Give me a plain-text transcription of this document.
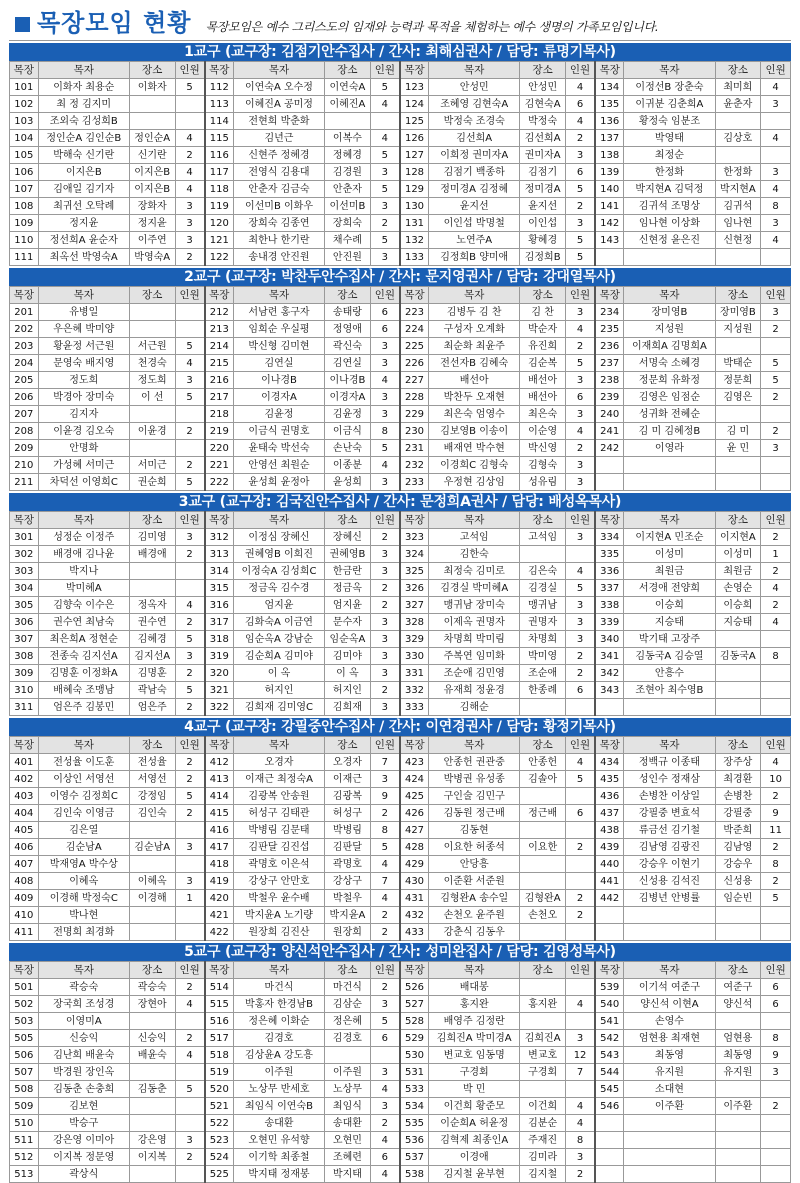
목장모임 현황 목장모임은 예수 그리스도의 임재와 능력과 목적을 체험하는 예수 생명의 가족모임입니다.
1교구 (교구장: 김점기안수집사 / 간사: 최해심권사 / 담당: 류명기목사)
목장	목자	장소	인원	목장	목자	장소	인원	목장	목자	장소	인원	목장	목자	장소	인원
101	이화자 최용순	이화자	5	112	이연숙A 오수정	이연숙A	5	123	안성민	안성민	4	134	이정선B 장춘숙	최미희	4
102	최 정 김지미			113	이혜진A 공미정	이혜진A	4	124	조혜영 김현숙A	김현숙A	6	135	이귀분 김춘희A	윤춘자	3
103	조외숙 김성희B			114	전현희 박춘화			125	박정숙 조경숙	박정숙	4	136	황정숙 임분조		
104	정인순A 김인순B	정인순A	4	115	김년근	이복수	4	126	김선희A	김선희A	2	137	박영태	김상호	4
105	박해숙 신기란	신기란	2	116	신현주 정혜경	정혜경	5	127	이희정 권미자A	권미자A	3	138	최정순		
106	이지은B	이지은B	4	117	전영식 김용대	김경원	3	128	김점기 백종하	김점기	6	139	한정화	한정화	3
107	김애일 김기자	이지은B	4	118	안춘자 김금숙	안춘자	5	129	정미경A 김정혜	정미경A	5	140	박지현A 김덕정	박지현A	4
108	최귀선 오탁례	장화자	3	119	이선미B 이화우	이선미B	3	130	윤지선	윤지선	2	141	김귀석 조명상	김귀석	8
109	정지윤	정지윤	3	120	장희숙 김종연	장희숙	2	131	이인섭 박명철	이인섭	3	142	임나현 이상화	임나현	3
110	정선희A 윤순자	이주연	3	121	최한나 한기란	채수례	5	132	노연주A	황혜경	5	143	신현정 윤은진	신현정	4
111	최옥선 박영숙A	박영숙A	2	122	송내경 안진원	안진원	3	133	김정희B 양미애	김정희B	5				
2교구 (교구장: 박찬두안수집사 / 간사: 문지영권사 / 담당: 강대열목사)
목장	목자	장소	인원	목장	목자	장소	인원	목장	목자	장소	인원	목장	목자	장소	인원
201	유병일			212	서남련 홍구자	송태랑	6	223	김병두 김 찬	김 찬	3	234	장미영B	장미영B	3
202	우은혜 박미양			213	임희순 우실평	정영애	6	224	구성자 오계화	박순자	4	235	지성원	지성원	2
203	황윤정 서근원	서근원	5	214	박신형 김미현	곽신숙	3	225	최순화 최윤주	유진희	2	236	이재희A 김명희A		
204	문영숙 배지영	천경숙	4	215	김연실	김연실	3	226	전선자B 김혜숙	김순복	5	237	서명숙 소혜경	박태순	5
205	정도희	정도희	3	216	이나경B	이나경B	4	227	배선아	배선아	3	238	정문희 유화정	정문희	5
206	박경아 장미숙	이 선	5	217	이경자A	이경자A	3	228	박찬두 오재현	배선아	6	239	김영은 임점순	김영은	2
207	김지자			218	김윤정	김윤정	3	229	최은숙 엄영수	최은숙	3	240	성귀화 전혜순		
208	이윤경 김오숙	이윤경	2	219	이금식 권명호	이금식	8	230	김보영B 이송이	이순영	4	241	김 미 김혜정B	김 미	2
209	안명화			220	윤태숙 박선숙	손난숙	5	231	배재연 박수현	박신영	2	242	이영라	윤 민	3
210	가성혜 서미근	서미근	2	221	안영선 최원순	이종분	4	232	이경희C 김형숙	김형숙	3				
211	차덕선 이영희C	권순희	5	222	윤성희 윤정아	윤성희	3	233	우정현 김상임	성유림	3				
3교구 (교구장: 김국진안수집사 / 간사: 문정희A권사 / 담당: 배성옥목사)
목장	목자	장소	인원	목장	목자	장소	인원	목장	목자	장소	인원	목장	목자	장소	인원
301	성정순 이정주	김미영	3	312	이정심 장혜신	장혜신	2	323	고석임	고석임	3	334	이지현A 민조순	이지현A	2
302	배경애 김나윤	배경애	2	313	권혜영B 이희진	권혜영B	3	324	김한숙			335	이성미	이성미	1
303	박지나			314	이정숙A 김성희C	한금란	3	325	최정숙 김미로	김은숙	4	336	최원금	최원금	2
304	박미혜A			315	정금옥 김수경	정금옥	2	326	김경실 박미혜A	김경실	5	337	서경애 전양희	손영순	4
305	김향숙 이수은	정옥자	4	316	엄지윤	엄지윤	2	327	맹귀남 장미숙	맹귀남	3	338	이승희	이승희	2
306	권수연 최남숙	권수연	2	317	김화숙A 이금연	문수자	3	328	이제옥 권명자	권명자	3	339	지승태	지승태	4
307	최은희A 정현순	김혜경	5	318	임순옥A 강남순	임순옥A	3	329	차명희 박미림	차명희	3	340	박기태 고장주		
308	전종숙 김지선A	김지선A	3	319	김순희A 김미야	김미야	3	330	주복연 임미화	박미영	2	341	김동국A 김승열	김동국A	8
309	김명훈 이정화A	김명훈	2	320	이 옥	이 옥	3	331	조순애 김민영	조순애	2	342	안흥수		
310	배혜숙 조맹남	곽남숙	5	321	허지인	허지인	2	332	유재희 정윤경	한종례	6	343	조현아 최수영B		
311	엄은주 김봉민	엄은주	2	322	김희재 김미영C	김희재	3	333	김해순						
4교구 (교구장: 강필중안수집사 / 간사: 이연경권사 / 담당: 황정기목사)
목장	목자	장소	인원	목장	목자	장소	인원	목장	목자	장소	인원	목장	목자	장소	인원
401	전성율 이도훈	전성율	2	412	오경자	오경자	7	423	안종헌 권관중	안종헌	4	434	정백규 이종태	장주상	4
402	이상인 서영선	서영선	2	413	이재근 최정숙A	이재근	3	424	박병권 유성종	김솔아	5	435	성인수 정재삼	최경환	10
403	이영수 김정희C	강정임	5	414	김광복 안송원	김광복	9	425	구인술 김민구			436	손병찬 이상일	손병찬	2
404	김인숙 이영금	김인숙	2	415	허성구 김태관	허성구	2	426	김동원 정근배	정근배	6	437	강필중 변효석	강필중	9
405	김은열			416	박병림 김문태	박병림	8	427	김동현			438	류금선 김기철	박준희	11
406	김순남A	김순남A	3	417	김판달 김진섭	김판달	5	428	이요한 허종석	이요한	2	439	김남영 김광진	김남영	2
407	박재영A 박수상			418	곽명호 이은석	곽명호	4	429	안당흥			440	강승우 이현기	강승우	8
408	이혜옥	이혜옥	3	419	강상구 안만호	강상구	7	430	이준환 서준원			441	신성용 김석진	신성용	2
409	이경해 박정숙C	이경해	1	420	박철우 윤수배	박철우	4	431	김형완A 송수일	김형완A	2	442	김병년 안병률	임순빈	5
410	박나현			421	박지윤A 노기량	박지윤A	2	432	손천오 윤주원	손천오	2				
411	전명희 최경화			422	원장희 김진산	원장희	2	433	강춘식 김동우						
5교구 (교구장: 양신석안수집사 / 간사: 성미완집사 / 담당: 김영성목사)
목장	목자	장소	인원	목장	목자	장소	인원	목장	목자	장소	인원	목장	목자	장소	인원
501	곽승숙	곽승숙	2	514	마건식	마건식	2	526	배대봉			539	이기석 여준구	여준구	6
502	장국희 조성경	장현아	4	515	박홍자 한경남B	김삼순	3	527	홍지완	홍지완	4	540	양신석 이현A	양신석	6
503	이영미A			516	정은혜 이화순	정은혜	5	528	배영주 김정란			541	손영수		
505	신승익	신승익	2	517	김경호	김경호	6	529	김희진A 박미경A	김희진A	3	542	엄현용 최재현	엄현용	8
506	김난희 배윤숙	배윤숙	4	518	김상윤A 강도흥			530	변교호 임동명	변교호	12	543	최동영	최동영	9
507	박경원 장인옥			519	이주원	이주원	3	531	구경회	구경회	7	544	유지원	유지원	3
508	김동춘 손충희	김동춘	5	520	노상무 반세호	노상무	4	533	박 민			545	소대현		
509	김보현			521	최임식 이연숙B	최임식	3	534	이건희 황준모	이건희	4	546	이주환	이주환	2
510	박승구			522	송대환	송대환	2	535	이순희A 허윤정	김분순	4				
511	강은영 이미아	강은영	3	523	오현민 유석향	오현민	4	536	김혁제 최종인A	주재진	8				
512	이지복 정문영	이지복	2	524	이기학 최종철	조혜련	6	537	이경애	김미라	3				
513	곽상식			525	박지태 정재봉	박지태	4	538	김지철 윤부현	김지철	2				
